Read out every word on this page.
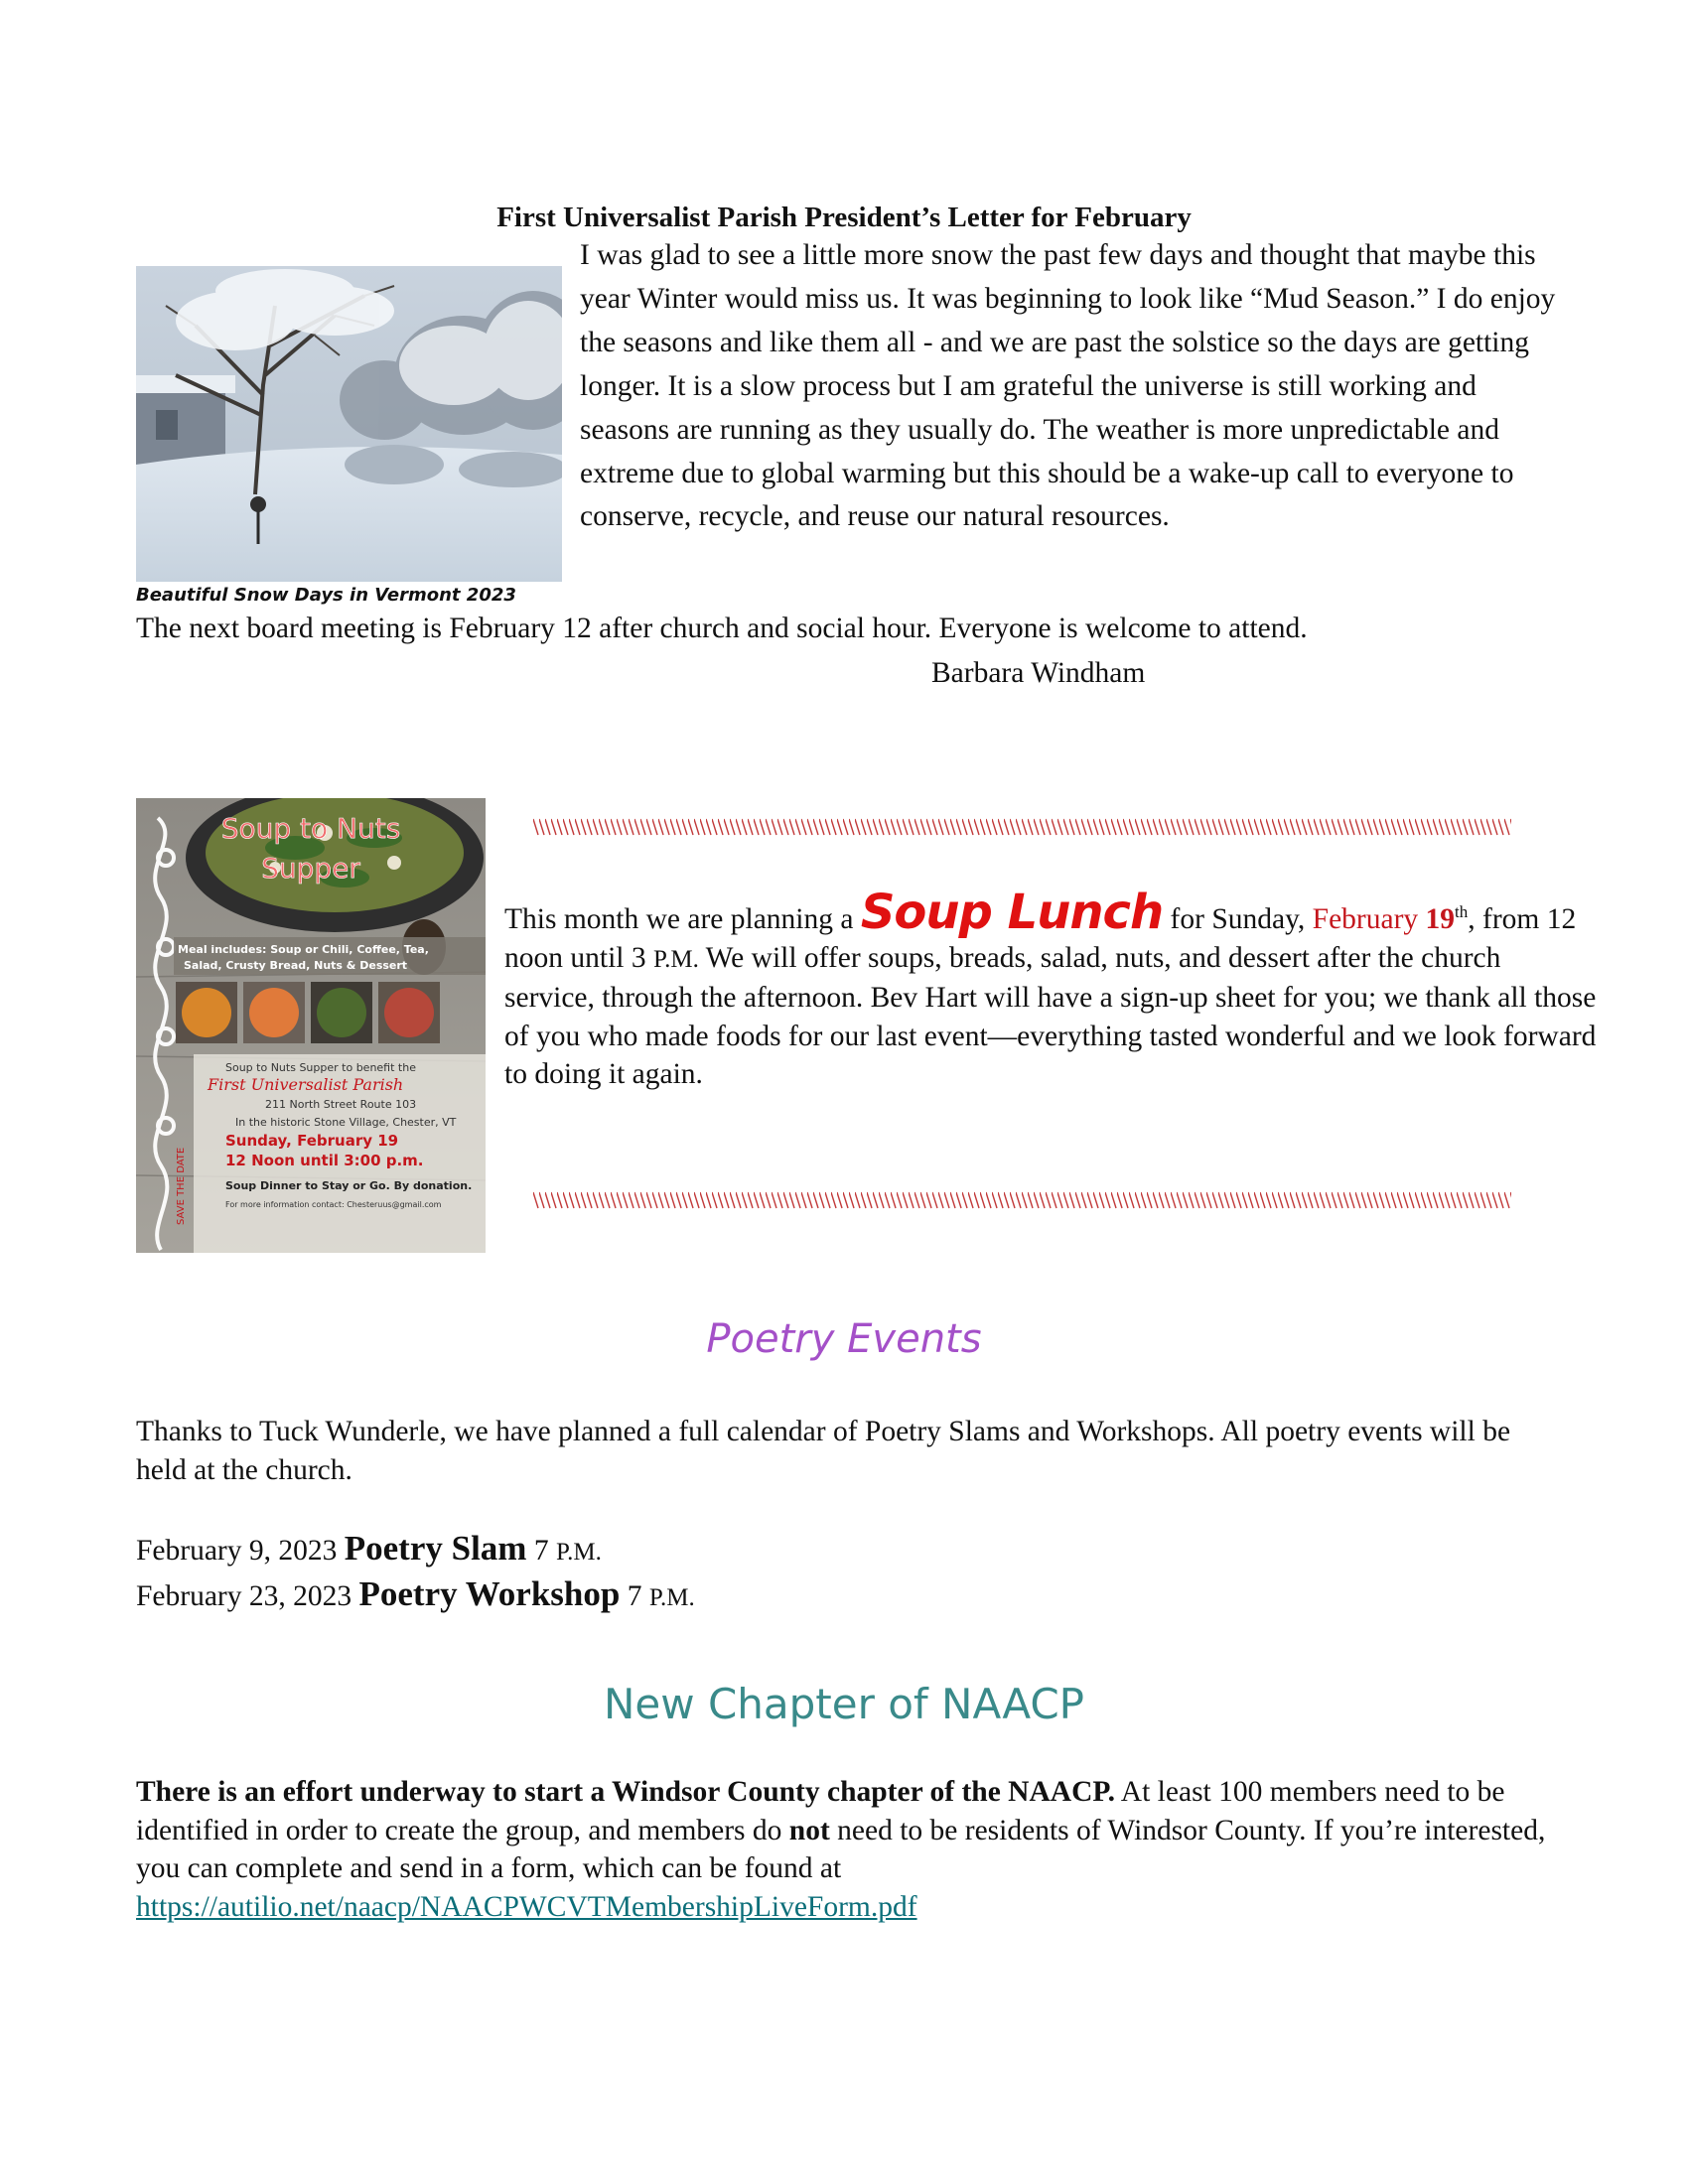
First Universalist Parish President’s Letter for February
Beautiful Snow Days in Vermont 2023
I was glad to see a little more snow the past few days and thought that maybe this year Winter would miss us. It was beginning to look like “Mud Season.” I do enjoy the seasons and like them all - and we are past the solstice so the days are getting longer. It is a slow process but I am grateful the universe is still working and seasons are running as they usually do. The weather is more unpredictable and extreme due to global warming but this should be a wake-up call to everyone to conserve, recycle, and reuse our natural resources.
The next board meeting is February 12 after church and social hour. Everyone is welcome to attend.
Barbara Windham
Soup to Nuts
Supper
Meal includes: Soup or Chili, Coffee, Tea,
Salad, Crusty Bread, Nuts & Dessert
Soup to Nuts Supper to benefit the
First Universalist Parish
211 North Street Route 103
In the historic Stone Village, Chester, VT
Sunday, February 19
12 Noon until 3:00 p.m.
Soup Dinner to Stay or Go. By donation.
For more information contact: Chesteruus@gmail.com
SAVE THE DATE
This month we are planning a Soup Lunch for Sunday, February 19th, from 12 noon until 3 P.M. We will offer soups, breads, salad, nuts, and dessert after the church service, through the afternoon. Bev Hart will have a sign-up sheet for you; we thank all those of you who made foods for our last event—everything tasted wonderful and we look forward to doing it again.
Poetry Events
Thanks to Tuck Wunderle, we have planned a full calendar of Poetry Slams and Workshops. All poetry events will be held at the church.
February 9, 2023 Poetry Slam 7 P.M.
February 23, 2023 Poetry Workshop 7 P.M.
New Chapter of NAACP
There is an effort underway to start a Windsor County chapter of the NAACP. At least 100 members need to be identified in order to create the group, and members do not need to be residents of Windsor County. If you’re interested, you can complete and send in a form, which can be found at https://autilio.net/naacp/NAACPWCVTMembershipLiveForm.pdf
